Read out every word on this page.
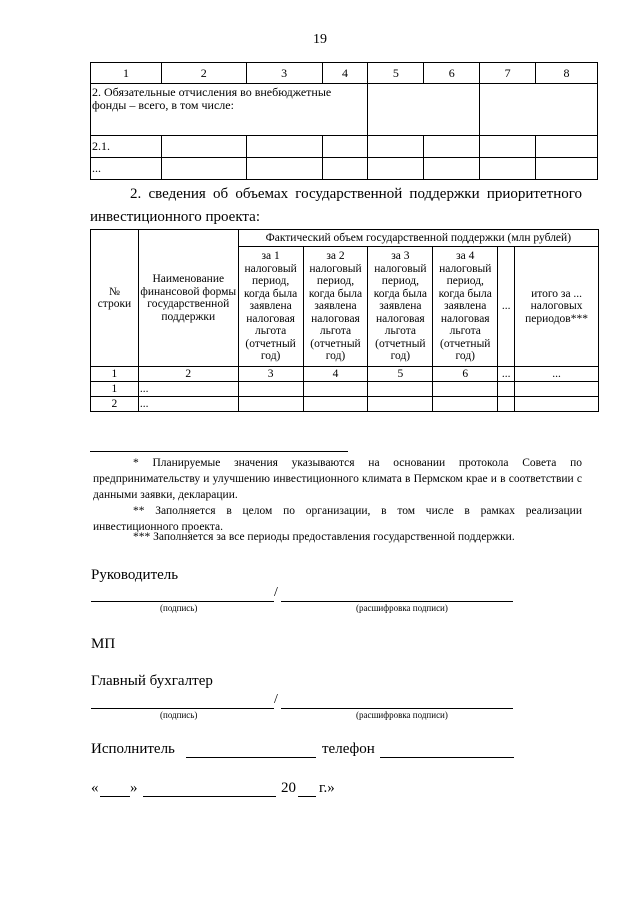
19
1	2	3	4	5	6	7	8
2. Обязательные отчисления во внебюджетные фонды – всего, в том числе:							
2.1.							
...							
2. сведения об объемах государственной поддержки приоритетного инвестиционного проекта:
№ строки	Наименование финансовой формы государственной поддержки	Фактический объем государственной поддержки (млн рублей)					
		за 1 налоговый период, когда была заявлена налоговая льгота (отчетный год)	за 2 налоговый период, когда была заявлена налоговая льгота (отчетный год)	за 3 налоговый период, когда была заявлена налоговая льгота (отчетный год)	за 4 налоговый период, когда была заявлена налоговая льгота (отчетный год)	...	итого за ... налоговых периодов***
1	2	3	4	5	6	...	...
1	...						
2	...						
* Планируемые значения указываются на основании протокола Совета по предпринимательству и улучшению инвестиционного климата в Пермском крае и в соответствии с данными заявки, декларации.
** Заполняется в целом по организации, в том числе в рамках реализации инвестиционного проекта.
*** Заполняется за все периоды предоставления государственной поддержки.
Руководитель
/
(подпись)	(расшифровка подписи)
МП
Главный бухгалтер
/
(подпись)	(расшифровка подписи)
Исполнитель	телефон
« »	20 г.»
